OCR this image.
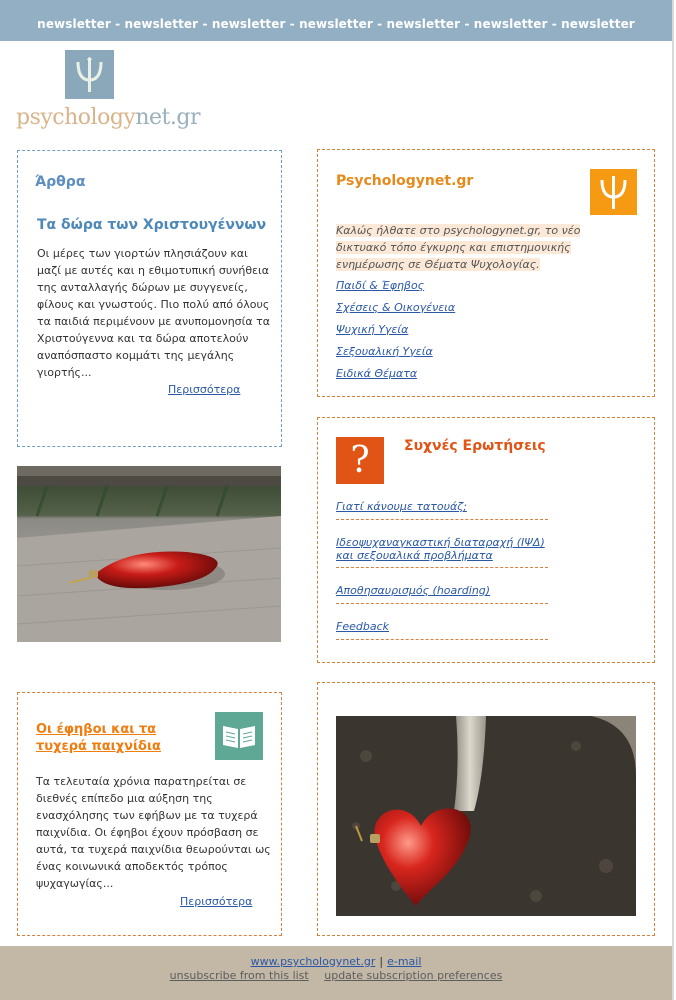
newsletter - newsletter - newsletter - newsletter - newsletter - newsletter - newsletter
psychologynet.gr
Άρθρα
Τα δώρα των Χριστουγέννων
Οι μέρες των γιορτών πλησιάζουν και μαζί με αυτές και η εθιμοτυπική συνήθεια της ανταλλαγής δώρων με συγγενείς, φίλους και γνωστούς. Πιο πολύ από όλους τα παιδιά περιμένουν με ανυπομονησία τα Χριστούγεννα και τα δώρα αποτελούν αναπόσπαστο κομμάτι της μεγάλης γιορτής...
Περισσότερα
Psychologynet.gr
Καλώς ήλθατε στο psychologynet.gr, το νέο δικτυακό τόπο έγκυρης και επιστημονικής ενημέρωσης σε Θέματα Ψυχολογίας.
Παιδί & Έφηβος
Σχέσεις & Οικογένεια
Ψυχική Υγεία
Σεξουαλική Υγεία
Ειδικά Θέματα
?	Συχνές Ερωτήσεις
Γιατί κάνουμε τατουάζ;
Ιδεοψυχαναγκαστική διαταραχή (ΙΨΔ) και σεξουαλικά προβλήματα
Αποθησαυρισμός (hoarding)
Feedback
Οι έφηβοι και τα τυχερά παιχνίδια
Τα τελευταία χρόνια παρατηρείται σε διεθνές επίπεδο μια αύξηση της ενασχόλησης των εφήβων με τα τυχερά παιχνίδια. Οι έφηβοι έχουν πρόσβαση σε αυτά, τα τυχερά παιχνίδια θεωρούνται ως ένας κοινωνικά αποδεκτός τρόπος ψυχαγωγίας...
Περισσότερα
www.psychologynet.gr | e-mail
unsubscribe from this list update subscription preferences
